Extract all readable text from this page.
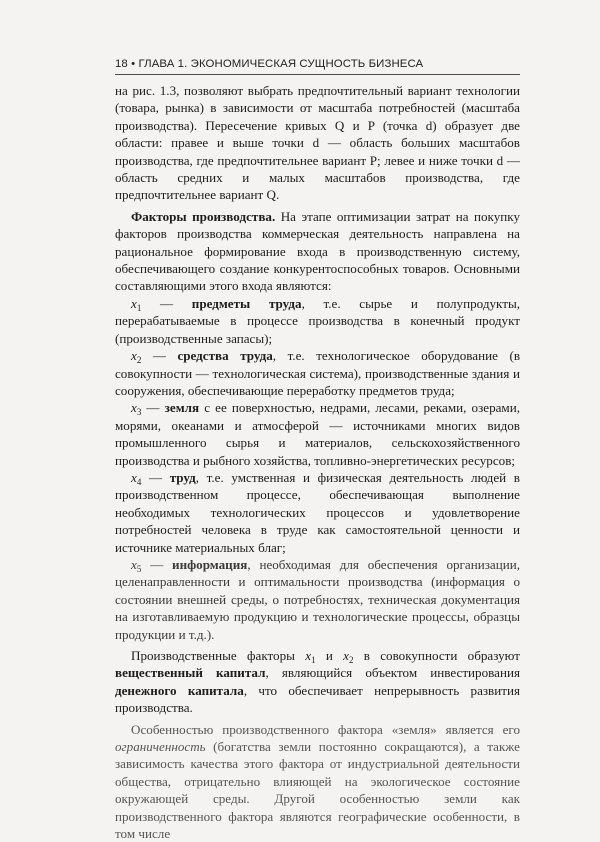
18 • ГЛАВА 1. ЭКОНОМИЧЕСКАЯ СУЩНОСТЬ БИЗНЕСА

на рис. 1.3, позволяют выбрать предпочтительный вариант технологии (товара, рынка) в зависимости от масштаба потребностей (масштаба производства). Пересечение кривых Q и P (точка d) образует две области: правее и выше точки d — область больших масштабов производства, где предпочтительнее вариант P; левее и ниже точки d — область средних и малых масштабов производства, где предпочтительнее вариант Q.

Факторы производства. На этапе оптимизации затрат на покупку факторов производства коммерческая деятельность направлена на рациональное формирование входа в производственную систему, обеспечивающего создание конкурентоспособных товаров. Основными составляющими этого входа являются:

$x_1$ — предметы труда, т.е. сырье и полупродукты, перерабатываемые в процессе производства в конечный продукт (производственные запасы);

$x_2$ — средства труда, т.е. технологическое оборудование (в совокупности — технологическая система), производственные здания и сооружения, обеспечивающие переработку предметов труда;

$x_3$ — земля с ее поверхностью, недрами, лесами, реками, озерами, морями, океанами и атмосферой — источниками многих видов промышленного сырья и материалов, сельскохозяйственного производства и рыбного хозяйства, топливно-энергетических ресурсов;

$x_4$ — труд, т.е. умственная и физическая деятельность людей в производственном процессе, обеспечивающая выполнение необходимых технологических процессов и удовлетворение потребностей человека в труде как самостоятельной ценности и источнике материальных благ;

$x_5$ — информация, необходимая для обеспечения организации, целенаправленности и оптимальности производства (информация о состоянии внешней среды, о потребностях, техническая документация на изготавливаемую продукцию и технологические процессы, образцы продукции и т.д.).

Производственные факторы $x_1$ и $x_2$ в совокупности образуют вещественный капитал, являющийся объектом инвестирования денежного капитала, что обеспечивает непрерывность развития производства.

Особенностью производственного фактора «земля» является его ограниченность (богатства земли постоянно сокращаются), а также зависимость качества этого фактора от индустриальной деятельности общества, отрицательно влияющей на экологическое состояние окружающей среды. Другой особенностью земли как производственного фактора являются географические особенности, в том числе
